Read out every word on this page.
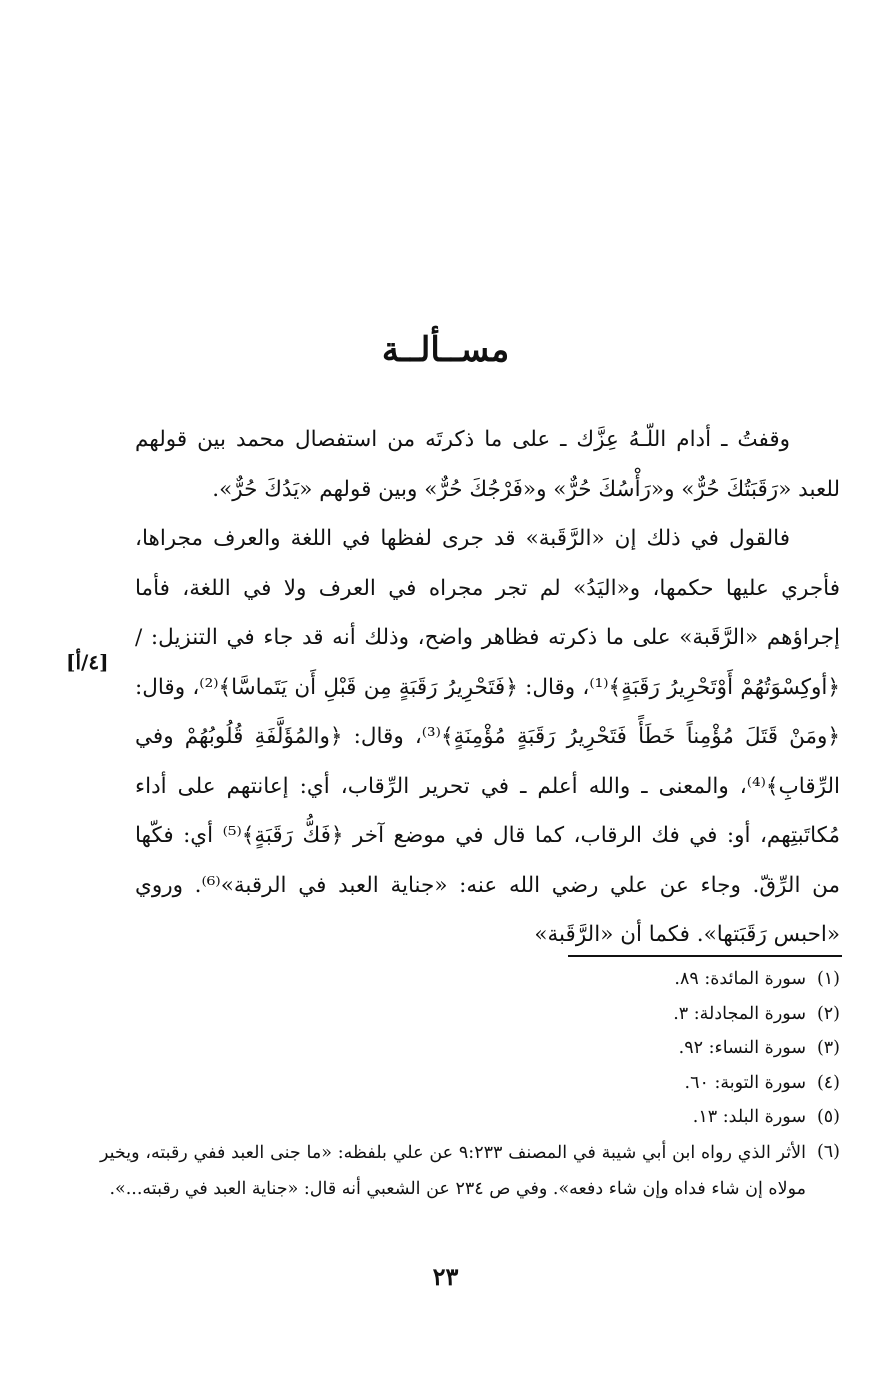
مســألــة

وقفتُ ـ أدام اللّـهُ عِزَّك ـ على ما ذكرتَه من استفصال محمد بين قولهم للعبد «رَقَبَتُكَ حُرٌّ» و«رَأْسُكَ حُرٌّ» و«فَرْجُكَ حُرٌّ» وبين قولهم «يَدُكَ حُرٌّ».

فالقول في ذلك إن «الرَّقَبة» قد جرى لفظها في اللغة والعرف مجراها، فأجري عليها حكمها، و«اليَدُ» لم تجر مجراه في العرف ولا في اللغة، فأما إجراؤهم «الرَّقَبة» على ما ذكرته فظاهر واضح، وذلك أنه قد جاء في التنزيل: / ﴿أوكِسْوَتُهُمْ أَوْتَحْرِيرُ رَقَبَةٍ﴾⁽¹⁾، وقال: ﴿فَتَحْرِيرُ رَقَبَةٍ مِن قَبْلِ أَن يَتَماسَّا﴾⁽²⁾، وقال: ﴿ومَنْ قَتَلَ مُؤْمِناً خَطَأً فَتَحْرِيرُ رَقَبَةٍ مُؤْمِنَةٍ﴾⁽³⁾، وقال: ﴿والمُؤَلَّفَةِ قُلُوبُهُمْ وفي الرِّقابِ﴾⁽⁴⁾، والمعنى ـ والله أعلم ـ في تحرير الرِّقاب، أي: إعانتهم على أداء مُكاتَبتِهم، أو: في فك الرقاب، كما قال في موضع آخر ﴿فَكُّ رَقَبَةٍ﴾⁽⁵⁾ أي: فكّها من الرِّقّ. وجاء عن علي رضي الله عنه: «جناية العبد في الرقبة»⁽⁶⁾. وروي «احبس رَقَبَتها». فكما أن «الرَّقَبة»

[٤/أ]
(١)
سورة المائدة: ٨٩.
(٢)
سورة المجادلة: ٣.
(٣)
سورة النساء: ٩٢.
(٤)
سورة التوبة: ٦٠.
(٥)
سورة البلد: ١٣.
(٦)
الأثر الذي رواه ابن أبي شيبة في المصنف ٩:٢٣٣ عن علي بلفظه: «ما جنى العبد ففي رقبته، ويخير مولاه إن شاء فداه وإن شاء دفعه». وفي ص ٢٣٤ عن الشعبي أنه قال: «جناية العبد في رقبته...».
٢٣
